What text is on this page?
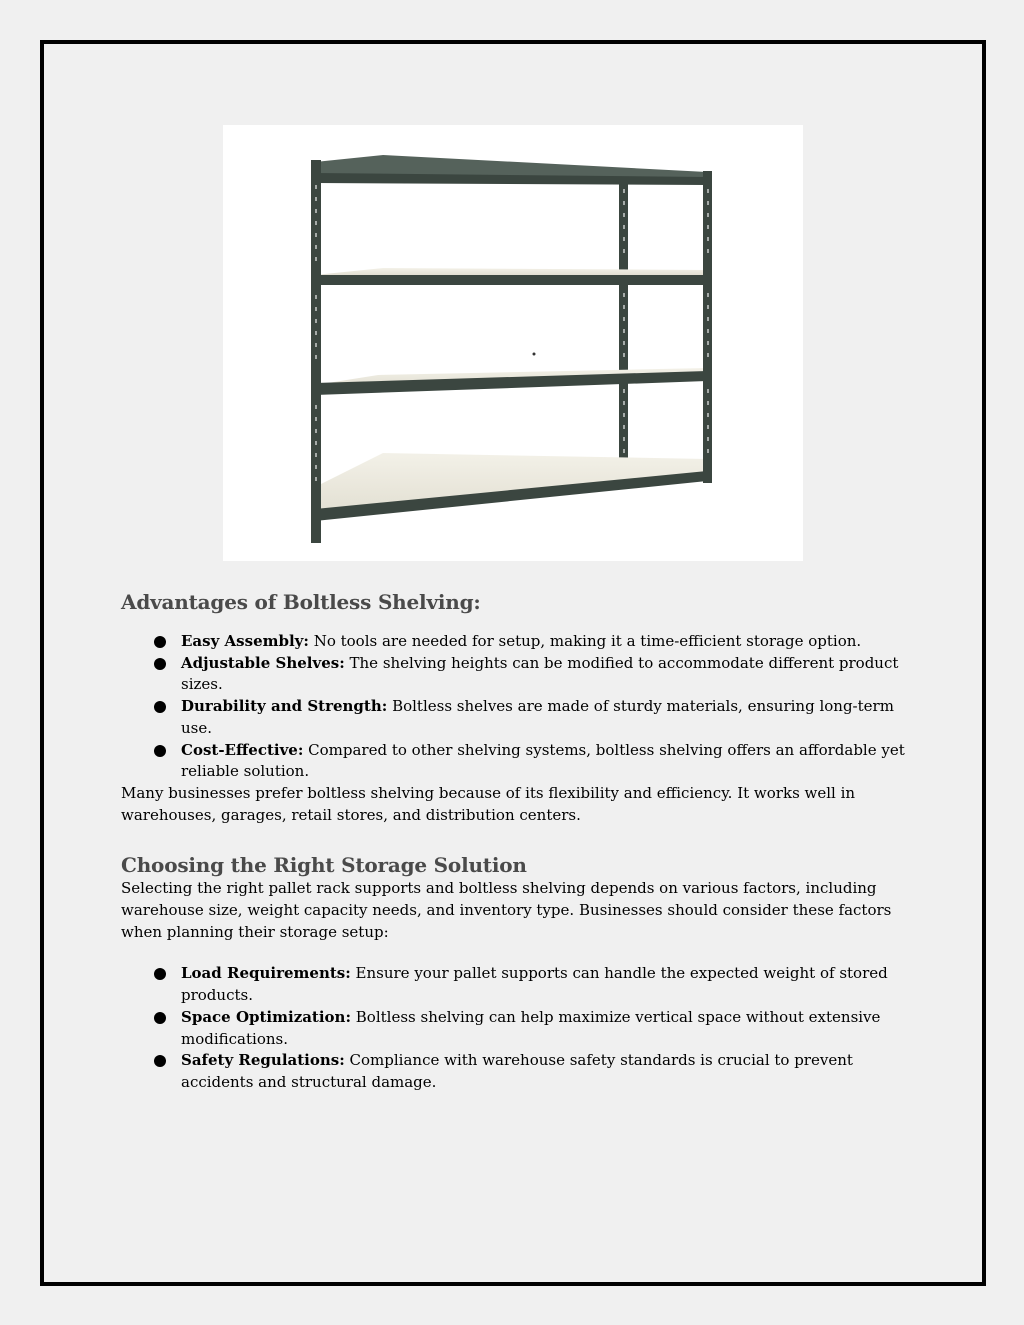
Advantages of Boltless Shelving:
Easy Assembly: No tools are needed for setup, making it a time-efficient storage option.
Adjustable Shelves: The shelving heights can be modified to accommodate different product sizes.
Durability and Strength: Boltless shelves are made of sturdy materials, ensuring long-term use.
Cost-Effective: Compared to other shelving systems, boltless shelving offers an affordable yet reliable solution.

Many businesses prefer boltless shelving because of its flexibility and efficiency. It works well in warehouses, garages, retail stores, and distribution centers.

Choosing the Right Storage Solution

Selecting the right pallet rack supports and boltless shelving depends on various factors, including warehouse size, weight capacity needs, and inventory type. Businesses should consider these factors when planning their storage setup:

Load Requirements: Ensure your pallet supports can handle the expected weight of stored products.
Space Optimization: Boltless shelving can help maximize vertical space without extensive modifications.
Safety Regulations: Compliance with warehouse safety standards is crucial to prevent accidents and structural damage.
